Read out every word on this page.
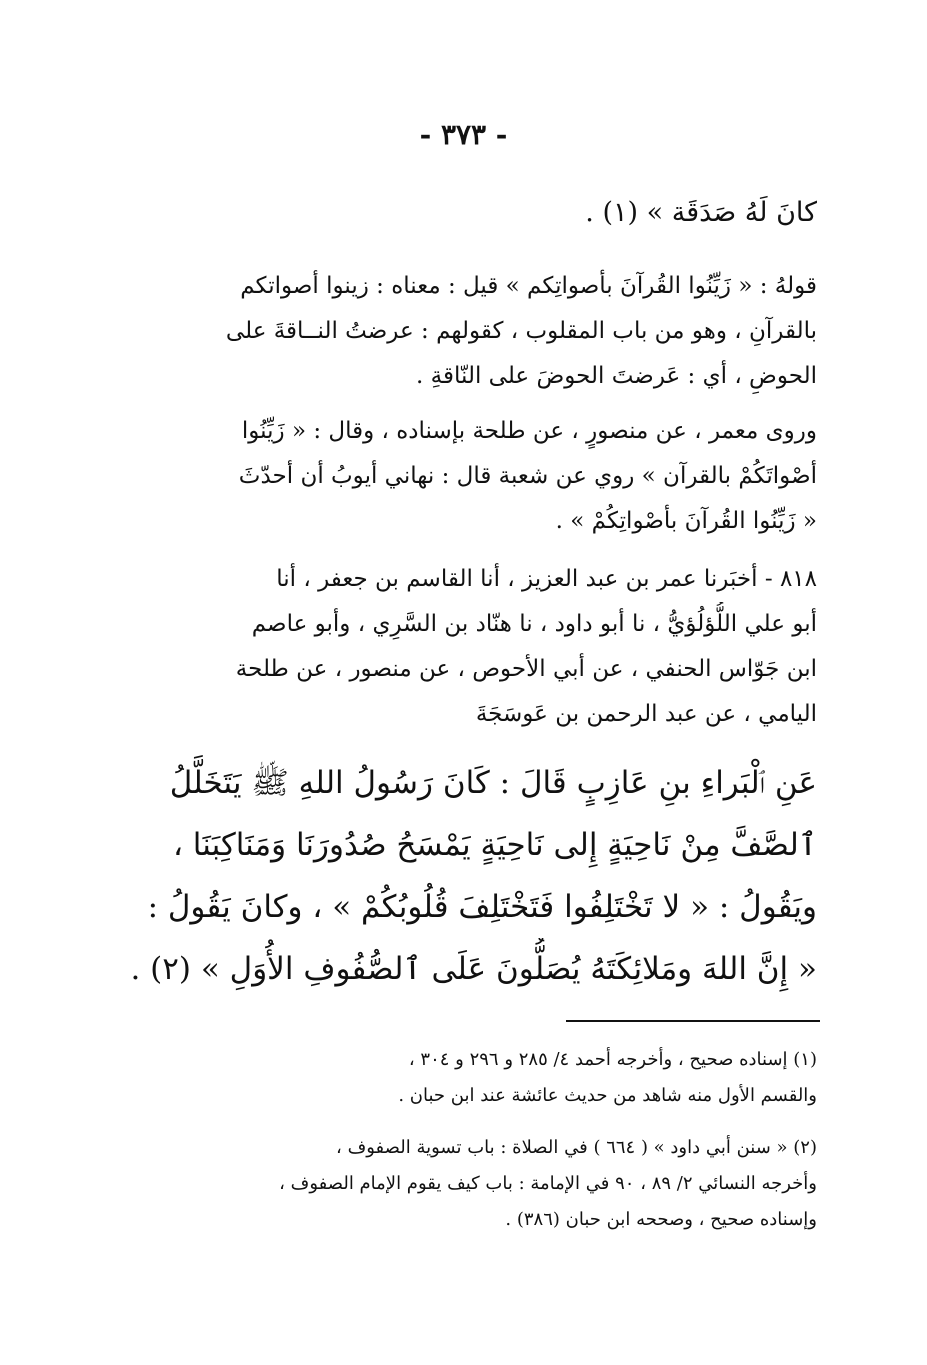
- ٣٧٣ -
كانَ لَهُ صَدَقَة » (١) .
قولهُ : « زَيِّنُوا القُرآنَ بأصواتِكم » قيل : معناه : زينوا أصواتكم
بالقرآنِ ، وهو من باب المقلوب ، كقولهم : عرضتُ النــاقةَ على
الحوضِ ، أي : عَرضتَ الحوضَ على النّاقةِ .
وروى معمر ، عن منصورٍ ، عن طلحة بإسناده ، وقال : « زَيِّنُوا
أصْواتَكُمْ بالقرآن » روي عن شعبة قال : نهاني أيوبُ أن أحدّثَ
« زَيِّنُوا القُرآنَ بأصْواتِكُمْ » .
٨١٨ - أخبَرنا عمر بن عبد العزيز ، أنا القاسم بن جعفر ، أنا
أبو علي اللُّؤلُؤيُّ ، نا أبو داود ، نا هنّاد بن السَّرِي ، وأبو عاصم
ابن جَوّاس الحنفي ، عن أبي الأحوص ، عن منصور ، عن طلحة
اليامي ، عن عبد الرحمن بن عَوسَجَةَ
عَنِ ٱلْبَراءِ بنِ عَازِبٍ قَالَ : كَانَ رَسُولُ اللهِ ﷺ يَتَخَلَّلُ
ٱلصَّفَّ مِنْ نَاحِيَةٍ إِلى نَاحِيَةٍ يَمْسَحُ صُدُورَنَا وَمَنَاكِبَنَا ،
ويَقُولُ : « لا تَخْتَلِفُوا فَتَخْتَلِفَ قُلُوبُكُمْ » ، وكانَ يَقُولُ :
« إِنَّ اللهَ ومَلائِكَتَهُ يُصَلُّونَ عَلَى ٱلصُّفُوفِ الأُوَلِ » (٢) .
(١) إسناده صحيح ، وأخرجه أحمد ٤/ ٢٨٥ و ٢٩٦ و ٣٠٤ ،
والقسم الأول منه شاهد من حديث عائشة عند ابن حبان .
(٢) « سنن أبي داود » ( ٦٦٤ ) في الصلاة : باب تسوية الصفوف ،
وأخرجه النسائي ٢/ ٨٩ ، ٩٠ في الإمامة : باب كيف يقوم الإمام الصفوف ،
وإسناده صحيح ، وصححه ابن حبان (٣٨٦) .
